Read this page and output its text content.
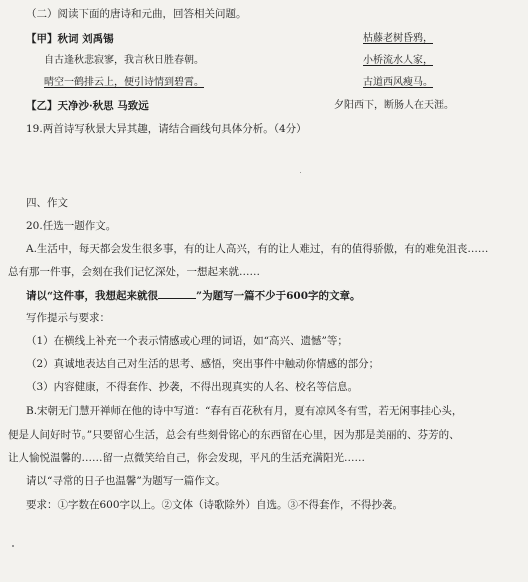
（二）阅读下面的唐诗和元曲，回答相关问题。
【甲】秋词 刘禹锡	枯藤老树昏鸦，
自古逢秋悲寂寥，我言秋日胜春朝。	小桥流水人家，
晴空一鹤排云上，便引诗情到碧霄。	古道西风瘦马。
【乙】天净沙·秋思 马致远	夕阳西下，断肠人在天涯。
19.两首诗写秋景大异其趣，请结合画线句具体分析。（4分）
四、作文
20.任选一题作文。
A.生活中，每天都会发生很多事，有的让人高兴，有的让人难过，有的值得骄傲，有的难免沮丧……
总有那一件事，会刻在我们记忆深处，一想起来就……
请以“这件事，我想起来就很	”为题写一篇不少于600字的文章。
写作提示与要求：
（1）在横线上补充一个表示情感或心理的词语，如“高兴、遗憾”等；
（2）真诚地表达自己对生活的思考、感悟，突出事件中触动你情感的部分；
（3）内容健康，不得套作、抄袭，不得出现真实的人名、校名等信息。
B.宋朝无门慧开禅师在他的诗中写道：“春有百花秋有月，夏有凉风冬有雪，若无闲事挂心头，
便是人间好时节。”只要留心生活，总会有些刻骨铭心的东西留在心里，因为那是美丽的、芬芳的、
让人愉悦温馨的……留一点微笑给自己，你会发现，平凡的生活充满阳光……
请以“寻常的日子也温馨”为题写一篇作文。
要求：①字数在600字以上。②文体（诗歌除外）自选。③不得套作，不得抄袭。
